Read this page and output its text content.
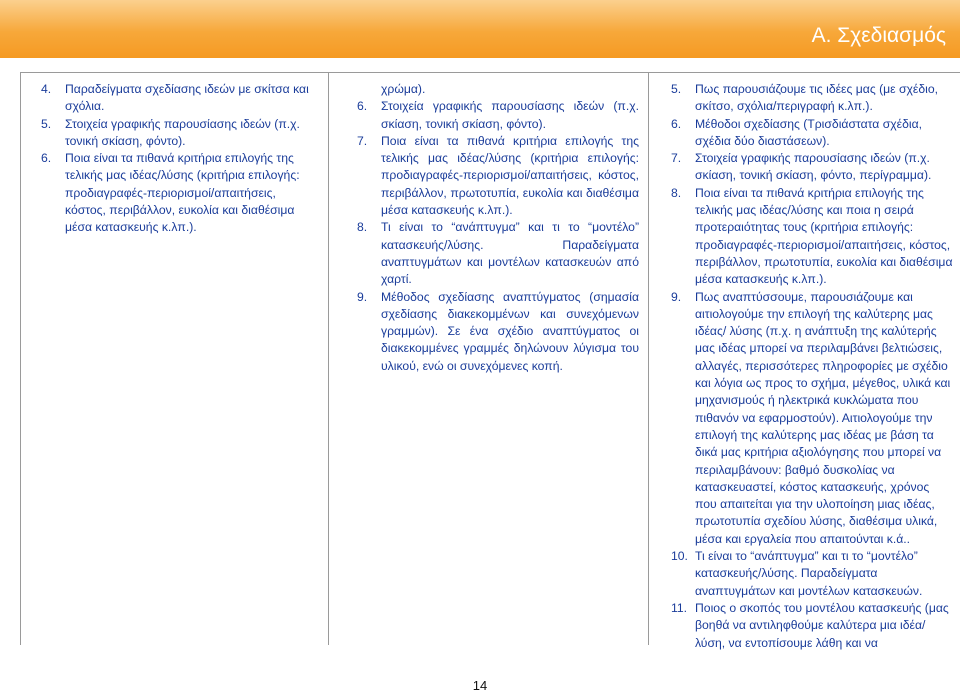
Α. Σχεδιασμός
4.	Παραδείγματα σχεδίασης ιδεών με σκίτσα και σχόλια.
5.	Στοιχεία γραφικής παρουσίασης ιδεών (π.χ. τονική σκίαση, φόντο).
6.	Ποια είναι τα πιθανά κριτήρια επιλογής της τελικής μας ιδέας/λύσης (κριτήρια επιλογής: προδιαγραφές-περιορισμοί/απαιτήσεις, κόστος, περιβάλλον, ευκολία και διαθέσιμα μέσα κατασκευής κ.λπ.).
χρώμα).
6.	Στοιχεία γραφικής παρουσίασης ιδεών (π.χ. σκίαση, τονική σκίαση, φόντο).
7.	Ποια είναι τα πιθανά κριτήρια επιλογής της τελικής μας ιδέας/λύσης (κριτήρια επιλογής: προδιαγραφές-περιορισμοί/απαιτήσεις, κόστος, περιβάλλον, πρωτοτυπία, ευκολία και διαθέσιμα μέσα κατασκευής κ.λπ.).
8.	Τι είναι το “ανάπτυγμα” και τι το “μοντέλο” κατασκευής/λύσης. Παραδείγματα αναπτυγμάτων και μοντέλων κατασκευών από χαρτί.
9.	Μέθοδος σχεδίασης αναπτύγματος (σημασία σχεδίασης διακεκομμένων και συνεχόμενων γραμμών). Σε ένα σχέδιο αναπτύγματος οι διακεκομμένες γραμμές δηλώνουν λύγισμα του υλικού, ενώ οι συνεχόμενες κοπή.
5.	Πως παρουσιάζουμε τις ιδέες μας (με σχέδιο, σκίτσο, σχόλια/περιγραφή κ.λπ.).
6.	Μέθοδοι σχεδίασης (Τρισδιάστατα σχέδια, σχέδια δύο διαστάσεων).
7.	Στοιχεία γραφικής παρουσίασης ιδεών (π.χ. σκίαση, τονική σκίαση, φόντο, περίγραμμα).
8.	Ποια είναι τα πιθανά κριτήρια επιλογής της τελικής μας ιδέας/λύσης και ποια η σειρά προτεραιότητας τους (κριτήρια επιλογής: προδιαγραφές-περιορισμοί/απαιτήσεις, κόστος, περιβάλλον, πρωτοτυπία, ευκολία και διαθέσιμα μέσα κατασκευής κ.λπ.).
9.	Πως αναπτύσσουμε, παρουσιάζουμε και αιτιολογούμε την επιλογή της καλύτερης μας ιδέας/ λύσης (π.χ. η ανάπτυξη της καλύτερής μας ιδέας μπορεί να περιλαμβάνει βελτιώσεις, αλλαγές, περισσότερες πληροφορίες με σχέδιο και λόγια ως προς το σχήμα, μέγεθος, υλικά και μηχανισμούς ή ηλεκτρικά κυκλώματα που πιθανόν να εφαρμοστούν). Αιτιολογούμε την επιλογή της καλύτερης μας ιδέας με βάση τα δικά μας κριτήρια αξιολόγησης που μπορεί να περιλαμβάνουν: βαθμό δυσκολίας να κατασκευαστεί, κόστος κατασκευής, χρόνος που απαιτείται για την υλοποίηση μιας ιδέας, πρωτοτυπία σχεδίου λύσης, διαθέσιμα υλικά, μέσα και εργαλεία που απαιτούνται κ.ά..
10. Τι είναι το “ανάπτυγμα” και τι το “μοντέλο” κατασκευής/λύσης. Παραδείγματα αναπτυγμάτων και μοντέλων κατασκευών.
11. Ποιος ο σκοπός του μοντέλου κατασκευής (μας βοηθά να αντιληφθούμε καλύτερα μια ιδέα/λύση, να εντοπίσουμε λάθη και να
14
